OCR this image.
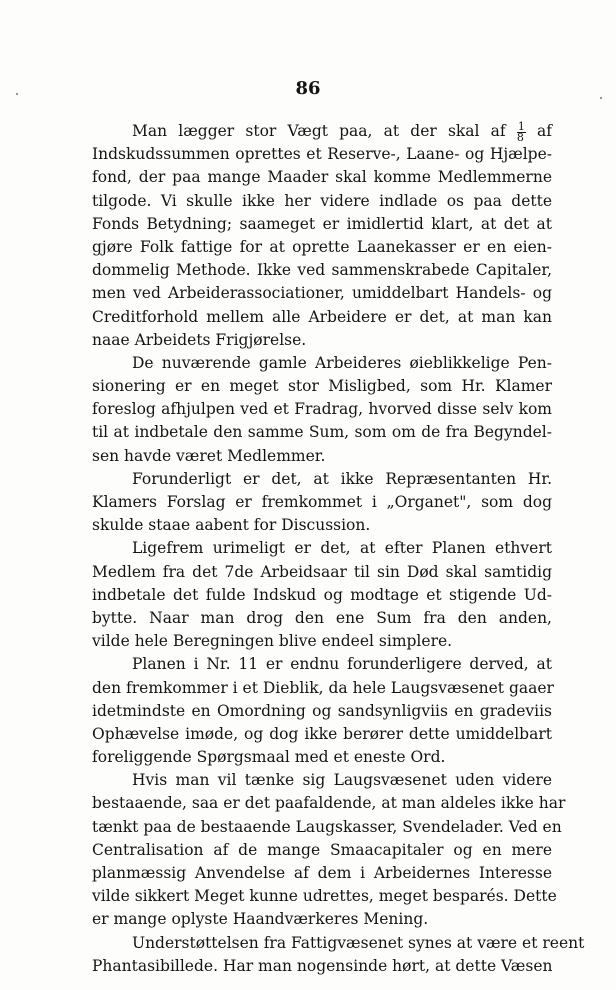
86
Man lægger stor Vægt paa, at der skal af $\frac{1}{8}$ af
Indskudssummen oprettes et Reserve-, Laane- og Hjælpe-
fond, der paa mange Maader skal komme Medlemmerne
tilgode. Vi skulle ikke her videre indlade os paa dette
Fonds Betydning; saameget er imidlertid klart, at det at
gjøre Folk fattige for at oprette Laanekasser er en eien-
dommelig Methode. Ikke ved sammenskrabede Capitaler,
men ved Arbeiderassociationer, umiddelbart Handels- og
Creditforhold mellem alle Arbeidere er det, at man kan
naae Arbeidets Frigjørelse.
De nuværende gamle Arbeideres øieblikkelige Pen-
sionering er en meget stor Misligbed, som Hr. Klamer
foreslog afhjulpen ved et Fradrag, hvorved disse selv kom
til at indbetale den samme Sum, som om de fra Begyndel-
sen havde været Medlemmer.
Forunderligt er det, at ikke Repræsentanten Hr.
Klamers Forslag er fremkommet i „Organet", som dog
skulde staae aabent for Discussion.
Ligefrem urimeligt er det, at efter Planen ethvert
Medlem fra det 7de Arbeidsaar til sin Død skal samtidig
indbetale det fulde Indskud og modtage et stigende Ud-
bytte. Naar man drog den ene Sum fra den anden,
vilde hele Beregningen blive endeel simplere.
Planen i Nr. 11 er endnu forunderligere derved, at
den fremkommer i et Dieblik, da hele Laugsvæsenet gaaer
idetmindste en Omordning og sandsynligviis en gradeviis
Ophævelse imøde, og dog ikke berører dette umiddelbart
foreliggende Spørgsmaal med et eneste Ord.
Hvis man vil tænke sig Laugsvæsenet uden videre
bestaaende, saa er det paafaldende, at man aldeles ikke har
tænkt paa de bestaaende Laugskasser, Svendelader. Ved en
Centralisation af de mange Smaacapitaler og en mere
planmæssig Anvendelse af dem i Arbeidernes Interesse
vilde sikkert Meget kunne udrettes, meget besparés. Dette
er mange oplyste Haandværkeres Mening.
Understøttelsen fra Fattigvæsenet synes at være et reent
Phantasibillede. Har man nogensinde hørt, at dette Væsen
